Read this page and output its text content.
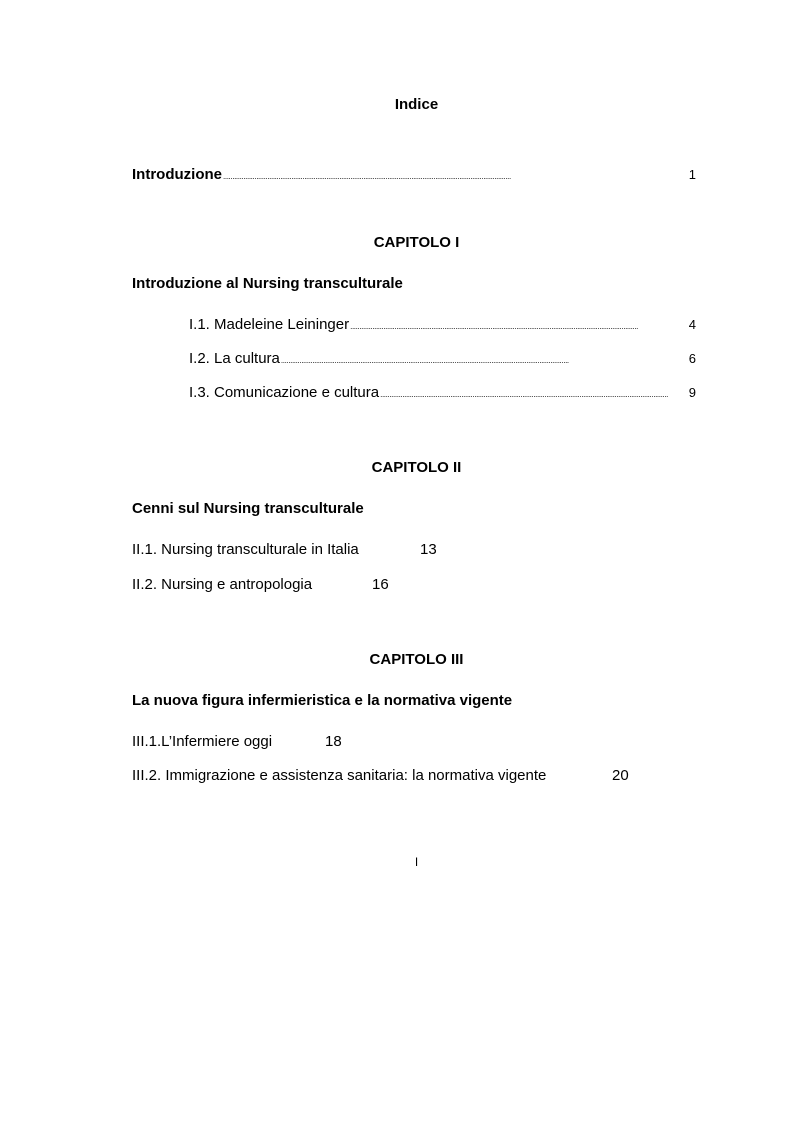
Indice
Introduzione . . .	1
CAPITOLO I
Introduzione al Nursing transculturale
I.1. Madeleine Leininger . . .	4
I.2. La cultura . . .	6
I.3. Comunicazione e cultura . . .	9
CAPITOLO II
Cenni sul Nursing transculturale
II.1. Nursing transculturale in Italia	13
II.2. Nursing e antropologia	16
CAPITOLO III
La nuova figura infermieristica e la normativa vigente
III.1.L’Infermiere oggi	18
III.2. Immigrazione e assistenza sanitaria: la normativa vigente	20
I
